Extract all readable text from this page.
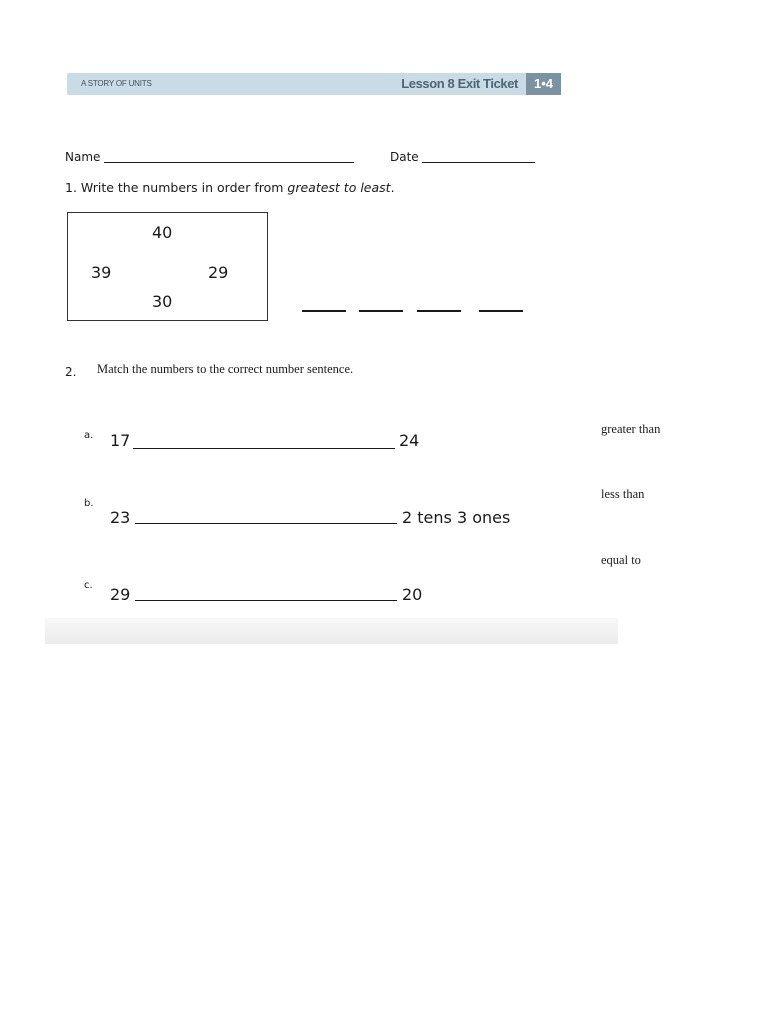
A STORY OF UNITS	Lesson 8 Exit Ticket	1•4
Name	Date
1. Write the numbers in order from greatest to least.
40
39	29
30
2. Match the numbers to the correct number sentence.
a. 17	24
b.
23	2 tens 3 ones
c. 29	20
greater than
less than
equal to
